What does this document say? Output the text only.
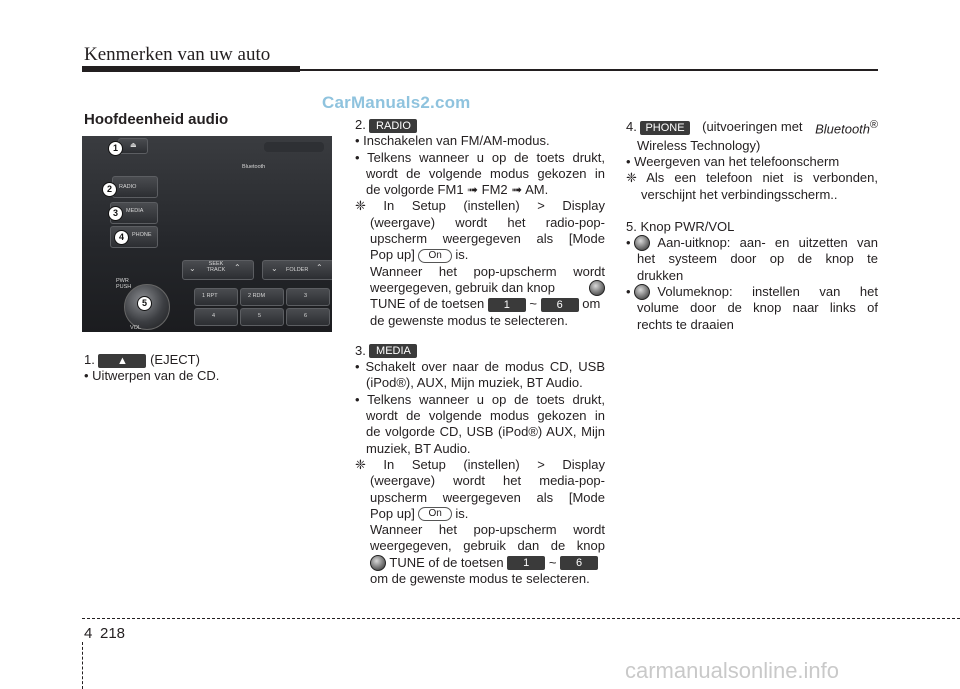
Kenmerken van uw auto
CarManuals2.com
Hoofdeenheid audio
Bluetooth
⏏
RADIO
MEDIA
PHONE
SEEK TRACK
⌄	⌃	FOLDER
⌄	⌃
1 RPT	2 RDM	3
4	5	6
PWR PUSH
VOL
1
2
3
4
5

1. ▲ (EJECT)

• Uitwerpen van de CD.

2. RADIO

• Inschakelen van FM/AM-modus.

• Telkens wanneer u op de toets drukt,

wordt de volgende modus gekozen in

de volgorde FM1 ➟ FM2 ➟ AM.

❈ In Setup (instellen) > Display

(weergave) wordt het radio-pop-

upscherm weergegeven als [Mode

Pop up] On is.

Wanneer het pop-upscherm wordt

weergegeven, gebruik dan knop

TUNE of de toetsen 1 ~ 6 om

de gewenste modus te selecteren.

3. MEDIA

• Schakelt over naar de modus CD, USB

(iPod®), AUX, Mijn muziek, BT Audio.

• Telkens wanneer u op de toets drukt,

wordt de volgende modus gekozen in

de volgorde CD, USB (iPod®) AUX, Mijn

muziek, BT Audio.

❈ In Setup (instellen) > Display

(weergave) wordt het media-pop-

upscherm weergegeven als [Mode

Pop up] On is.

Wanneer het pop-upscherm wordt

weergegeven, gebruik dan de knop

TUNE of de toetsen 1 ~ 6

om de gewenste modus te selecteren.

4. PHONE	(uitvoeringen met Bluetooth®

Wireless Technology)

• Weergeven van het telefoonscherm

❈ Als een telefoon niet is verbonden,

verschijnt het verbindingsscherm..

5. Knop PWR/VOL

•

Aan-uitknop: aan- en uitzetten van

het systeem door op de knop te

drukken

•

Volumeknop: instellen van het

volume door de knop naar links of

rechts te draaien

4 218
carmanualsonline.info
